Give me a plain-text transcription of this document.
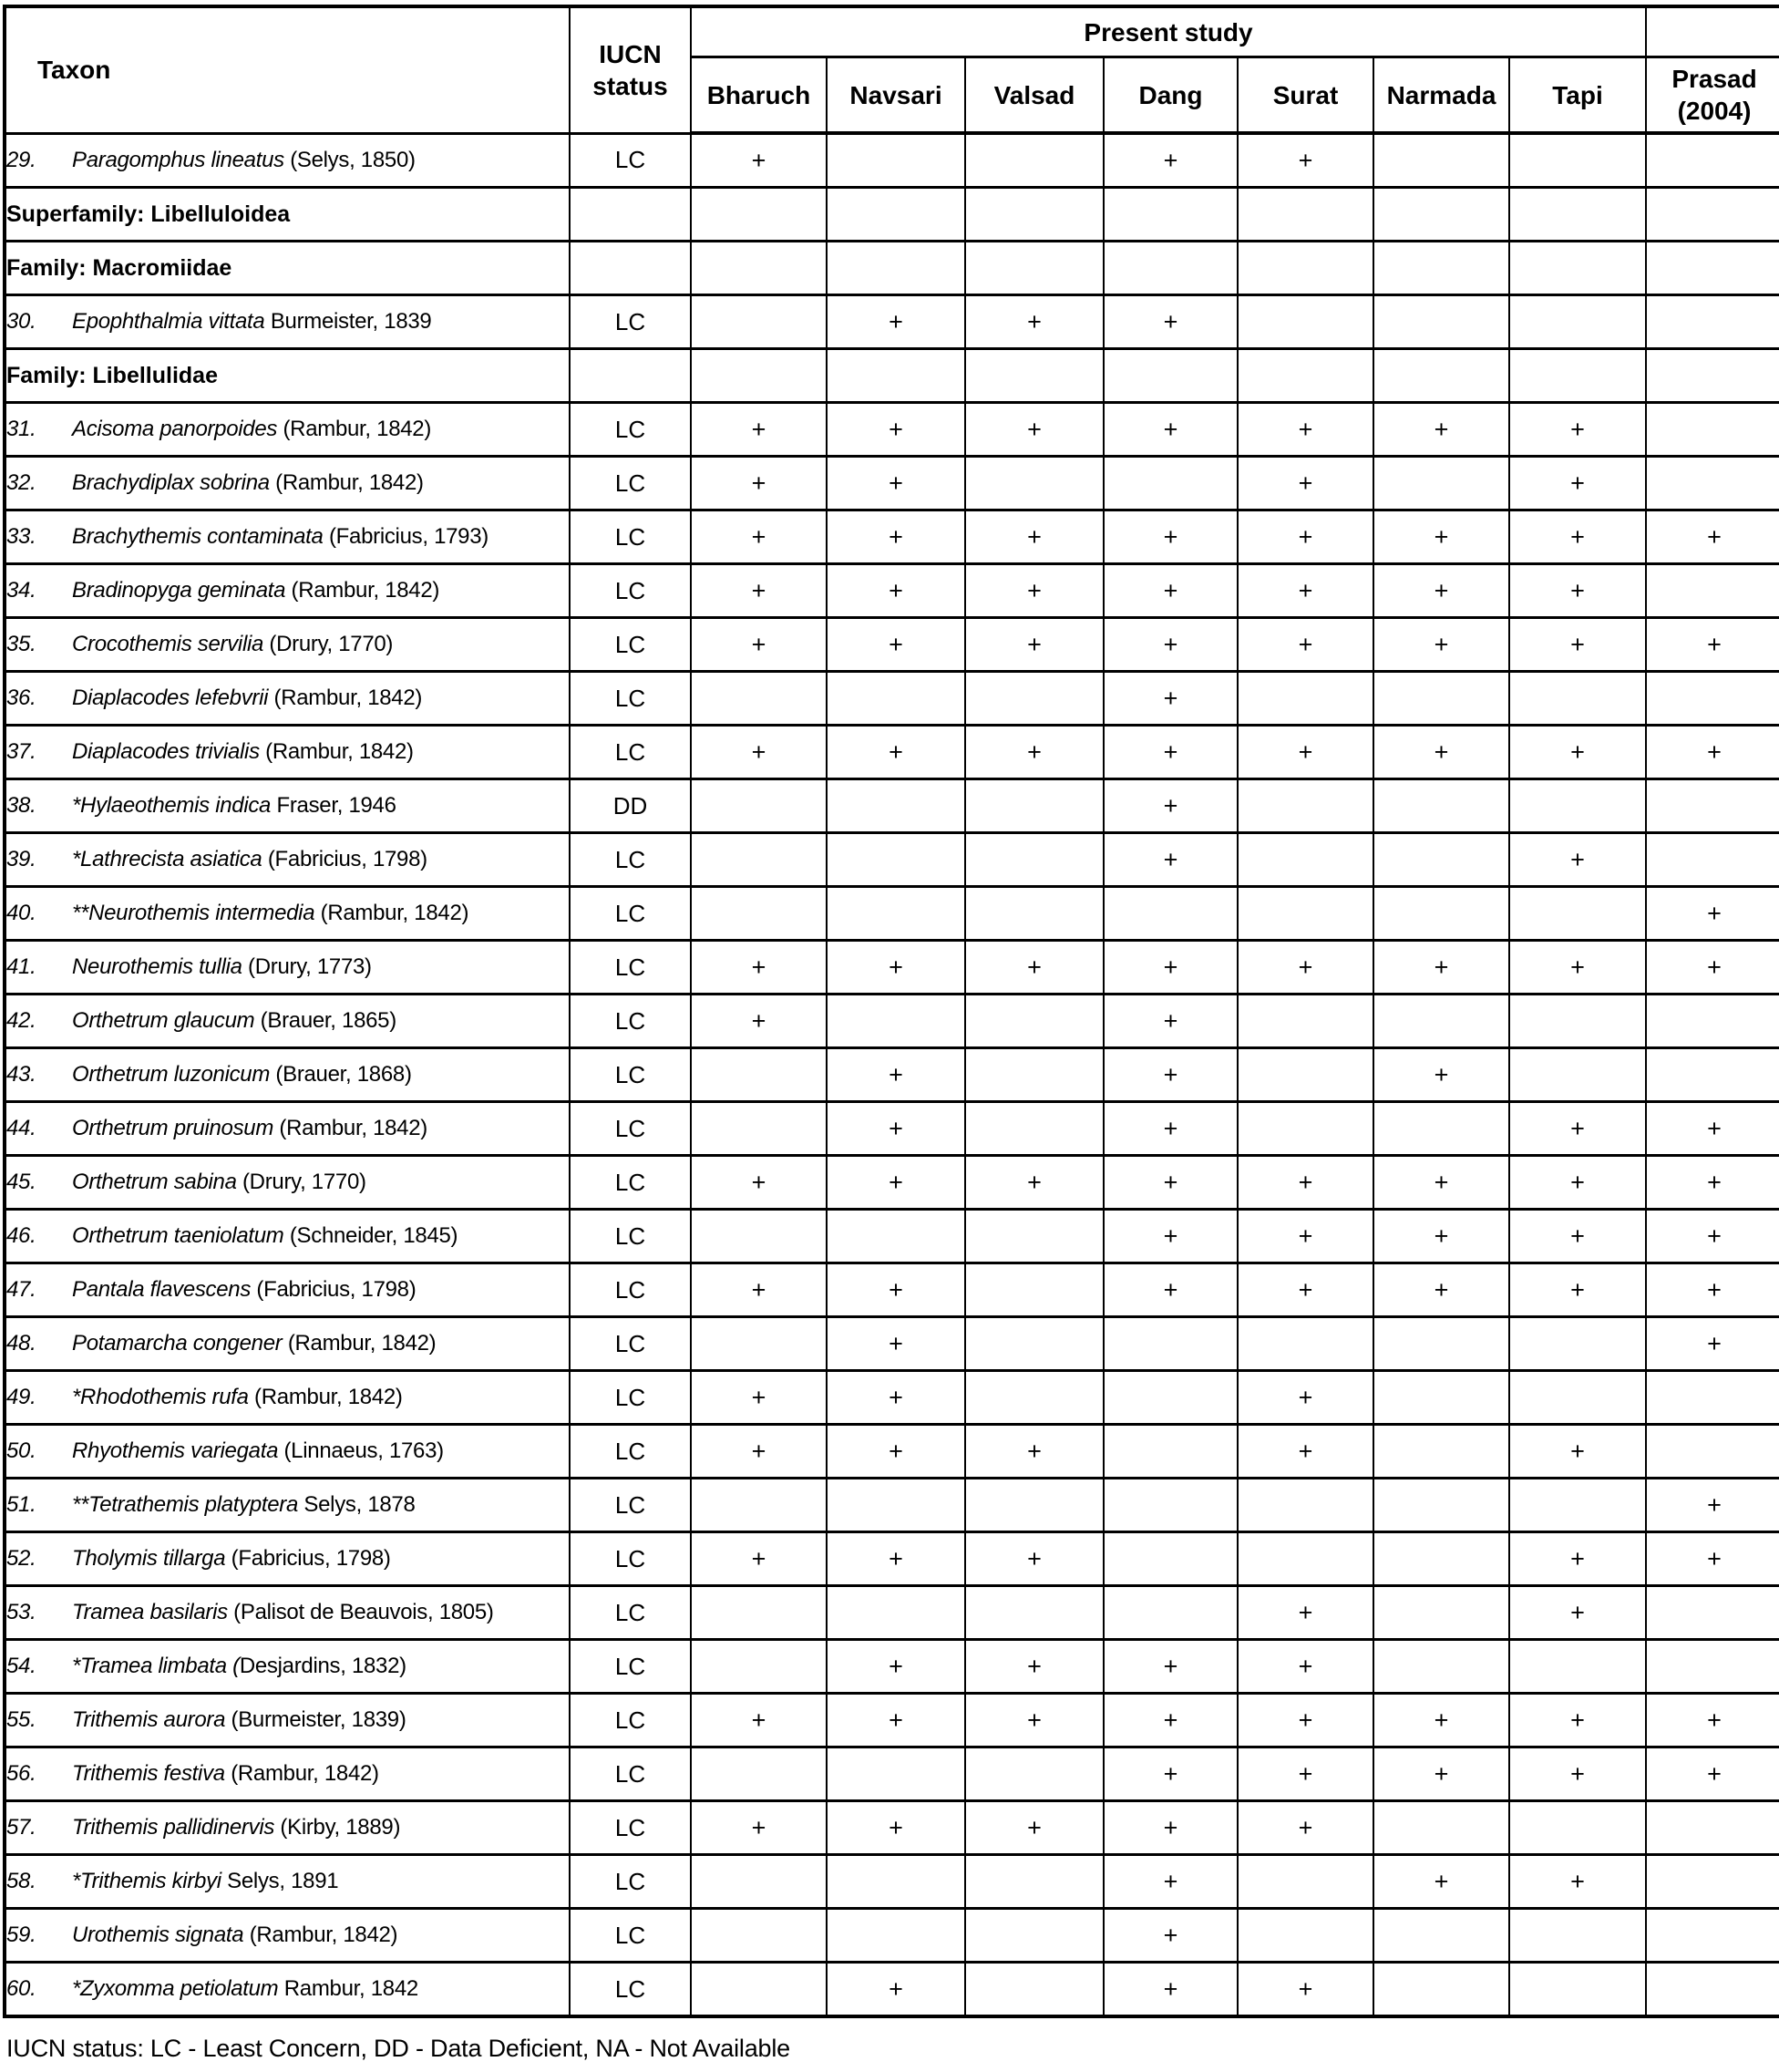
Taxon	IUCN status	Present study							
		Bharuch	Navsari	Valsad	Dang	Surat	Narmada	Tapi	Prasad (2004)
29. Paragomphus lineatus (Selys, 1850)	LC	+			+	+			
Superfamily: Libelluloidea									
Family: Macromiidae									
30. Epophthalmia vittata Burmeister, 1839	LC		+	+	+				
Family: Libellulidae									
31. Acisoma panorpoides (Rambur, 1842)	LC	+	+	+	+	+	+	+	
32. Brachydiplax sobrina (Rambur, 1842)	LC	+	+			+		+	
33. Brachythemis contaminata (Fabricius, 1793)	LC	+	+	+	+	+	+	+	+
34. Bradinopyga geminata (Rambur, 1842)	LC	+	+	+	+	+	+	+	
35. Crocothemis servilia (Drury, 1770)	LC	+	+	+	+	+	+	+	+
36. Diaplacodes lefebvrii (Rambur, 1842)	LC				+				
37. Diaplacodes trivialis (Rambur, 1842)	LC	+	+	+	+	+	+	+	+
38. *Hylaeothemis indica Fraser, 1946	DD				+				
39. *Lathrecista asiatica (Fabricius, 1798)	LC				+			+	
40. **Neurothemis intermedia (Rambur, 1842)	LC								+
41. Neurothemis tullia (Drury, 1773)	LC	+	+	+	+	+	+	+	+
42. Orthetrum glaucum (Brauer, 1865)	LC	+			+				
43. Orthetrum luzonicum (Brauer, 1868)	LC		+		+		+		
44. Orthetrum pruinosum (Rambur, 1842)	LC		+		+			+	+
45. Orthetrum sabina (Drury, 1770)	LC	+	+	+	+	+	+	+	+
46. Orthetrum taeniolatum (Schneider, 1845)	LC				+	+	+	+	+
47. Pantala flavescens (Fabricius, 1798)	LC	+	+		+	+	+	+	+
48. Potamarcha congener (Rambur, 1842)	LC		+						+
49. *Rhodothemis rufa (Rambur, 1842)	LC	+	+			+			
50. Rhyothemis variegata (Linnaeus, 1763)	LC	+	+	+		+		+	
51. **Tetrathemis platyptera Selys, 1878	LC								+
52. Tholymis tillarga (Fabricius, 1798)	LC	+	+	+				+	+
53. Tramea basilaris (Palisot de Beauvois, 1805)	LC					+		+	
54. *Tramea limbata (Desjardins, 1832)	LC		+	+	+	+			
55. Trithemis aurora (Burmeister, 1839)	LC	+	+	+	+	+	+	+	+
56. Trithemis festiva (Rambur, 1842)	LC				+	+	+	+	+
57. Trithemis pallidinervis (Kirby, 1889)	LC	+	+	+	+	+			
58. *Trithemis kirbyi Selys, 1891	LC				+		+	+	
59. Urothemis signata (Rambur, 1842)	LC				+				
60. *Zyxomma petiolatum Rambur, 1842	LC		+		+	+			
IUCN status: LC - Least Concern, DD - Data Deficient, NA - Not Available
